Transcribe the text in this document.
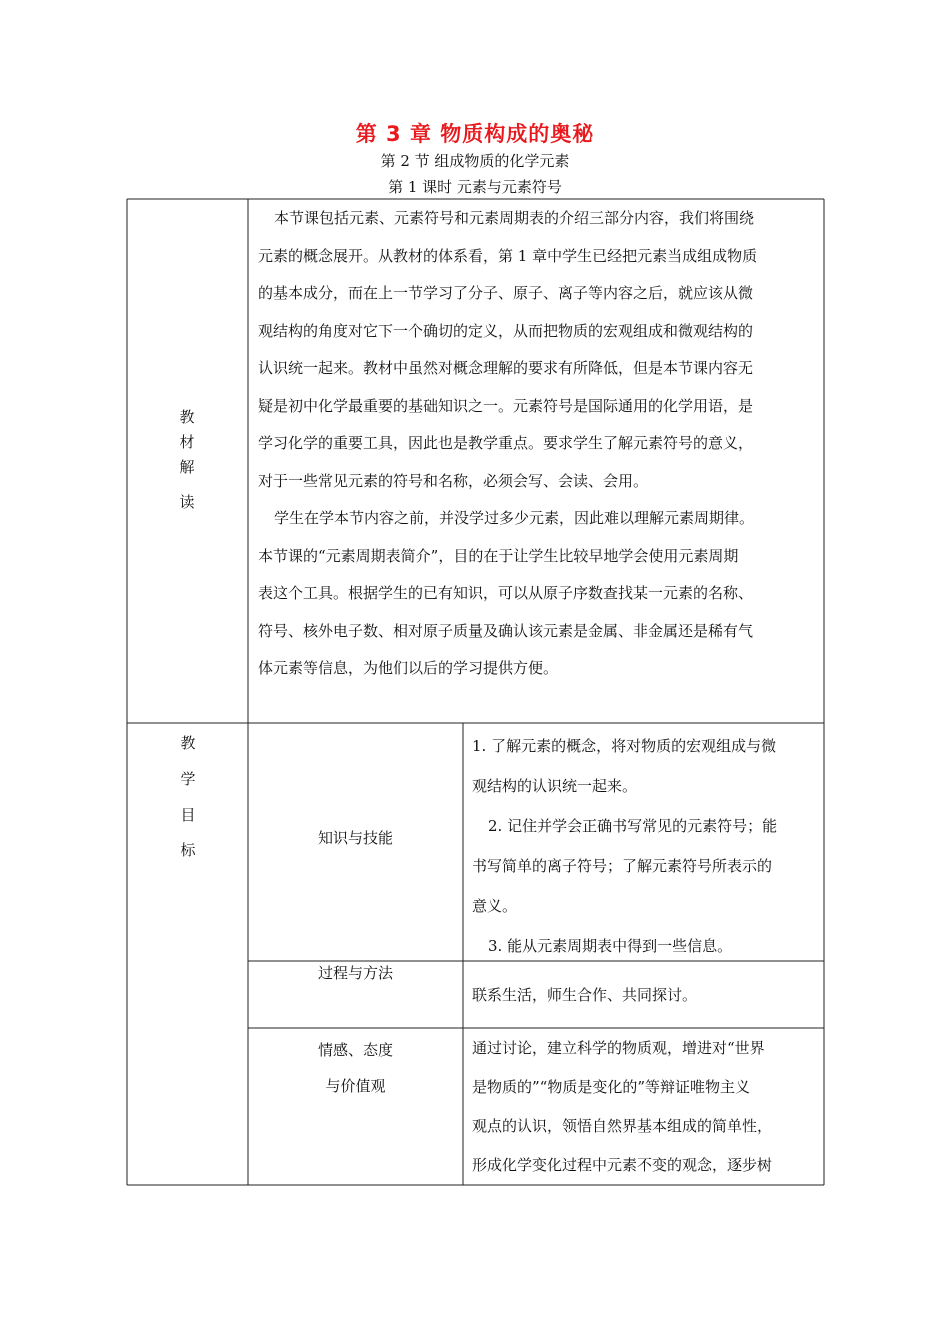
第 3 章 物质构成的奥秘
第 2 节 组成物质的化学元素
第 1 课时 元素与元素符号
教
材
解
读
本节课包括元素、元素符号和元素周期表的介绍三部分内容，我们将围绕
元素的概念展开。从教材的体系看，第 1 章中学生已经把元素当成组成物质
的基本成分，而在上一节学习了分子、原子、离子等内容之后，就应该从微
观结构的角度对它下一个确切的定义，从而把物质的宏观组成和微观结构的
认识统一起来。教材中虽然对概念理解的要求有所降低，但是本节课内容无
疑是初中化学最重要的基础知识之一。元素符号是国际通用的化学用语，是
学习化学的重要工具，因此也是教学重点。要求学生了解元素符号的意义，
对于一些常见元素的符号和名称，必须会写、会读、会用。
学生在学本节内容之前，并没学过多少元素，因此难以理解元素周期律。
本节课的“元素周期表简介”，目的在于让学生比较早地学会使用元素周期
表这个工具。根据学生的已有知识，可以从原子序数查找某一元素的名称、
符号、核外电子数、相对原子质量及确认该元素是金属、非金属还是稀有气
体元素等信息，为他们以后的学习提供方便。
教
学
目
标
知识与技能
1. 了解元素的概念，将对物质的宏观组成与微
观结构的认识统一起来。
2. 记住并学会正确书写常见的元素符号；能
书写简单的离子符号；了解元素符号所表示的
意义。
3. 能从元素周期表中得到一些信息。
过程与方法
联系生活，师生合作、共同探讨。
情感、态度
与价值观
通过讨论，建立科学的物质观，增进对“世界
是物质的”“物质是变化的”等辩证唯物主义
观点的认识，领悟自然界基本组成的简单性，
形成化学变化过程中元素不变的观念，逐步树
